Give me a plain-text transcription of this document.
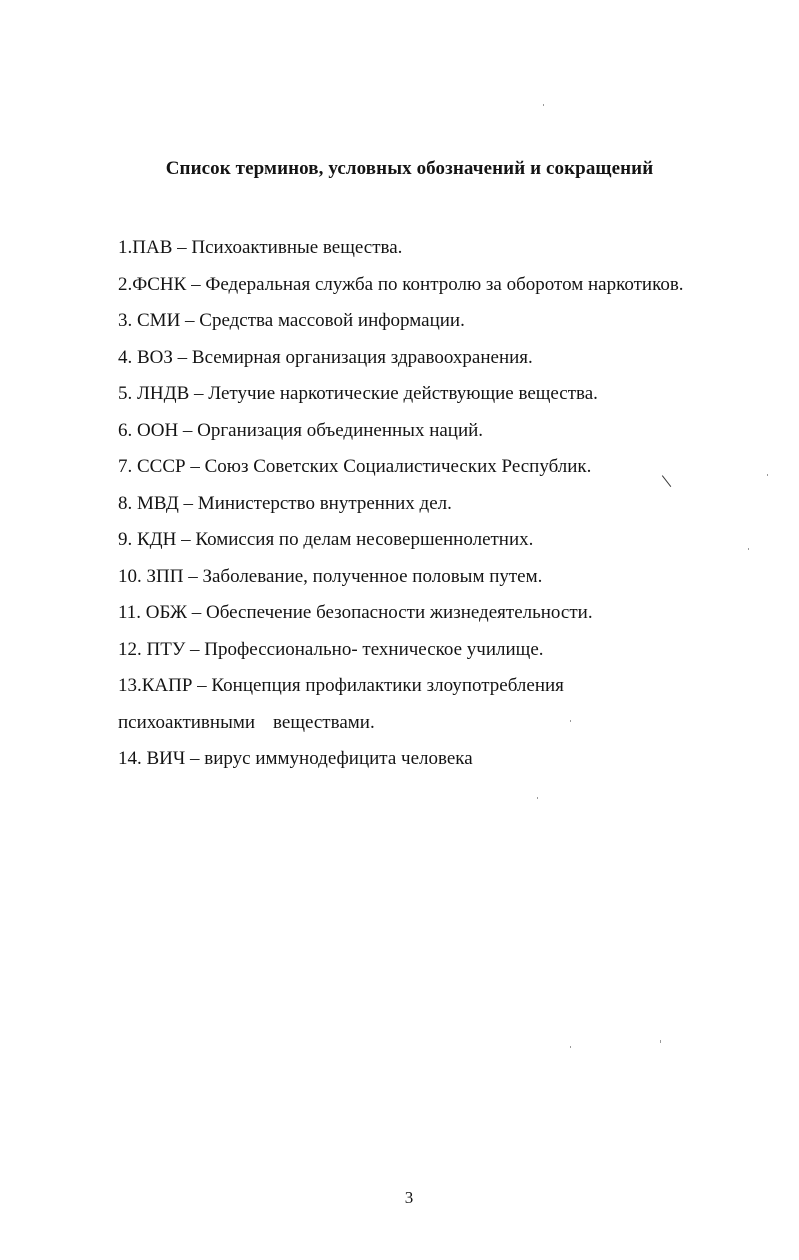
Список терминов, условных обозначений и сокращений
1.ПАВ – Психоактивные вещества.
2.ФСНК – Федеральная служба по контролю за оборотом наркотиков.
3. СМИ – Средства массовой информации.
4. ВОЗ – Всемирная организация здравоохранения.
5. ЛНДВ – Летучие наркотические действующие вещества.
6. ООН – Организация объединенных наций.
7. СССР – Союз Советских Социалистических Республик.
8. МВД – Министерство внутренних дел.
9. КДН – Комиссия по делам несовершеннолетних.
10. ЗПП – Заболевание, полученное половым путем.
11. ОБЖ – Обеспечение безопасности жизнедеятельности.
12. ПТУ – Профессионально- техническое училище.
13.КАПР – Концепция профилактики злоупотребления
психоактивными веществами.
14. ВИЧ – вирус иммунодефицита человека
3
